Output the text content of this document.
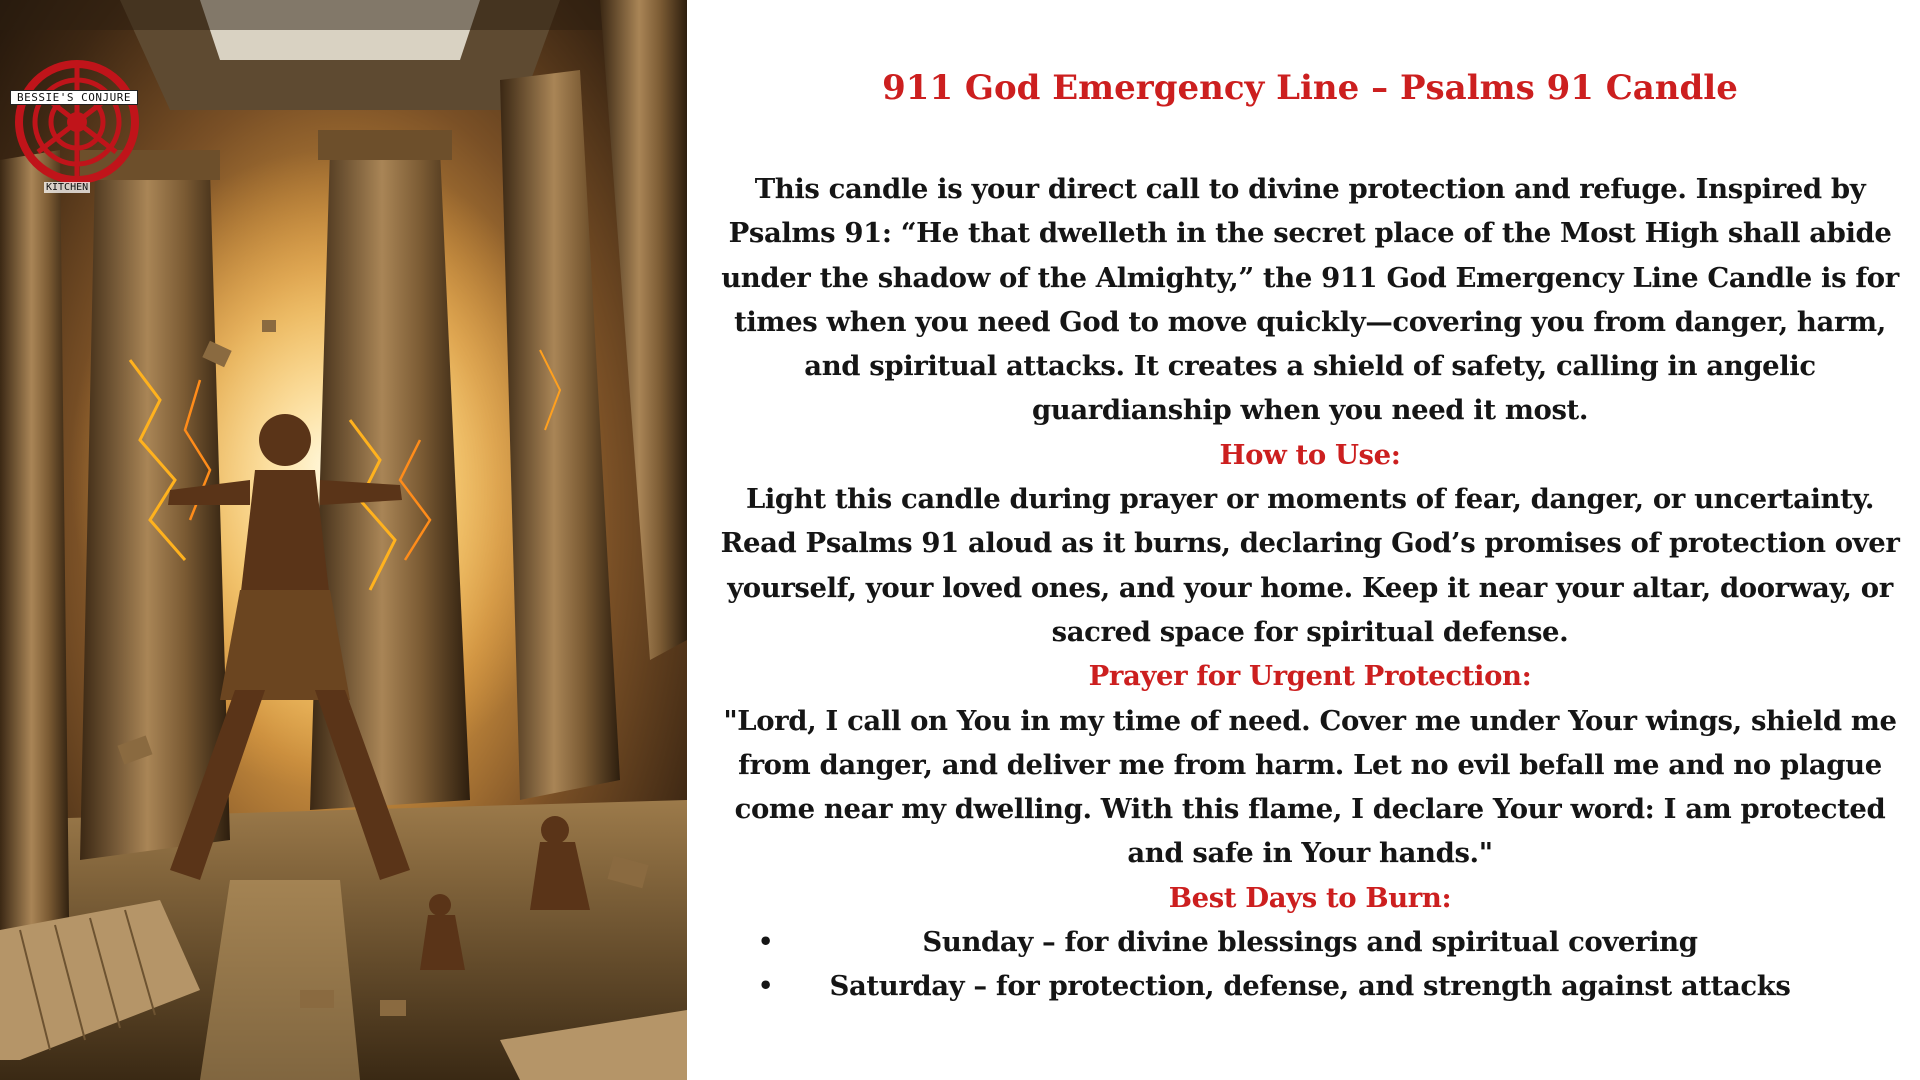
BESSIE'S CONJURE
KITCHEN
911 God Emergency Line – Psalms 91 Candle

This candle is your direct call to divine protection and refuge. Inspired by Psalms 91: “He that dwelleth in the secret place of the Most High shall abide under the shadow of the Almighty,” the 911 God Emergency Line Candle is for times when you need God to move quickly—covering you from danger, harm, and spiritual attacks. It creates a shield of safety, calling in angelic guardianship when you need it most.

How to Use:

Light this candle during prayer or moments of fear, danger, or uncertainty. Read Psalms 91 aloud as it burns, declaring God’s promises of protection over yourself, your loved ones, and your home. Keep it near your altar, doorway, or sacred space for spiritual defense.

Prayer for Urgent Protection:

"Lord, I call on You in my time of need. Cover me under Your wings, shield me from danger, and deliver me from harm. Let no evil befall me and no plague come near my dwelling. With this flame, I declare Your word: I am protected and safe in Your hands."

Best Days to Burn:

•	Sunday – for divine blessings and spiritual covering
• Saturday – for protection, defense, and strength against attacks
